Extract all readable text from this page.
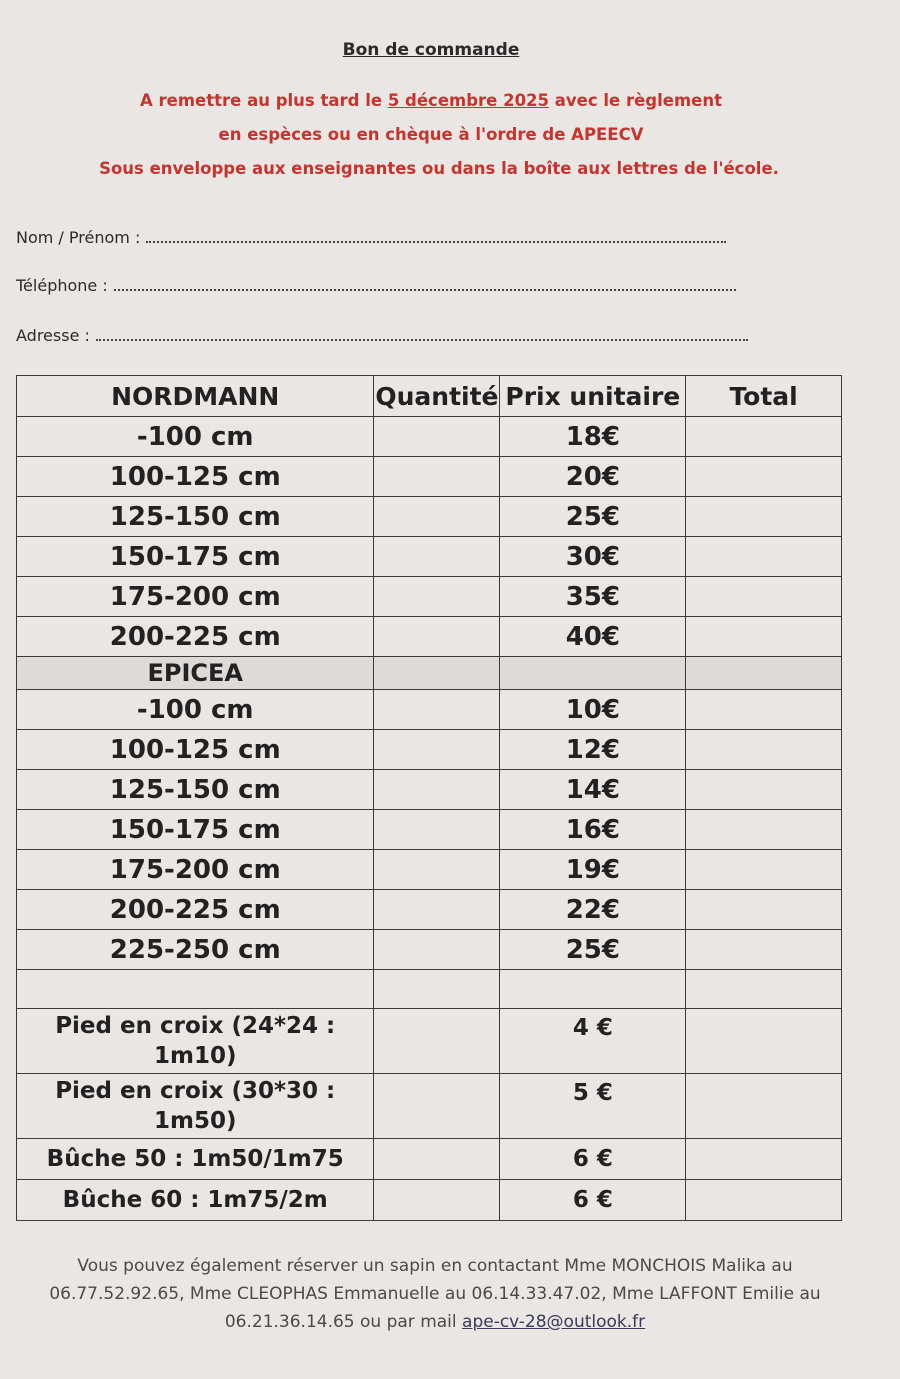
Bon de commande
A remettre au plus tard le 5 décembre 2025 avec le règlement
en espèces ou en chèque à l'ordre de APEECV
Sous enveloppe aux enseignantes ou dans la boîte aux lettres de l'école.
Nom / Prénom :
Téléphone :
Adresse :
NORDMANN	Quantité	Prix unitaire	Total
-100 cm		18€	
100-125 cm		20€	
125-150 cm		25€	
150-175 cm		30€	
175-200 cm		35€	
200-225 cm		40€	
EPICEA			
-100 cm		10€	
100-125 cm		12€	
125-150 cm		14€	
150-175 cm		16€	
175-200 cm		19€	
200-225 cm		22€	
225-250 cm		25€	

Pied en croix (24*24 :
1m10)		4 €	

Pied en croix (30*30 :
1m50)		5 €	
Bûche 50 : 1m50/1m75		6 €	
Bûche 60 : 1m75/2m		6 €	
Vous pouvez également réserver un sapin en contactant Mme MONCHOIS Malika au
06.77.52.92.65, Mme CLEOPHAS Emmanuelle au 06.14.33.47.02, Mme LAFFONT Emilie au
06.21.36.14.65 ou par mail ape-cv-28@outlook.fr
